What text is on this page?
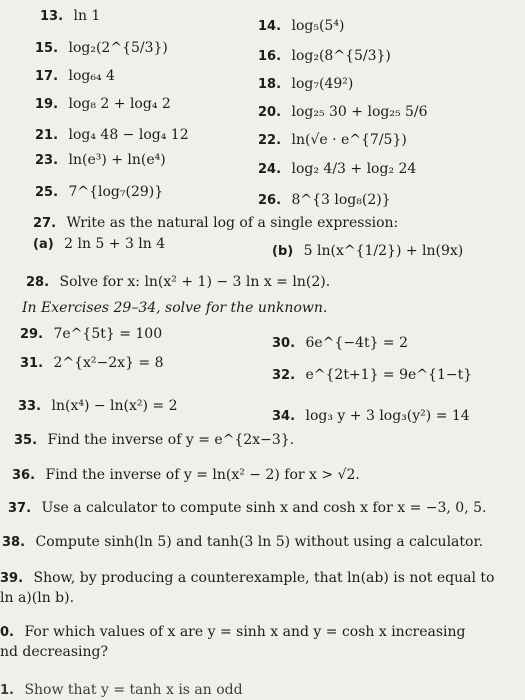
13. ln 1
14. log₅(5⁴)
15. log₂(2^{5/3})
16. log₂(8^{5/3})
17. log₆₄ 4
18. log₇(49²)
19. log₈ 2 + log₄ 2
20. log₂₅ 30 + log₂₅ 5/6
21. log₄ 48 − log₄ 12	22. ln(√e · e^{7/5})
23. ln(e³) + ln(e⁴)
24. log₂ 4/3 + log₂ 24
25. 7^{log₇(29)}
26. 8^{3 log₈(2)}
27. Write as the natural log of a single expression:
(a) 2 ln 5 + 3 ln 4	(b) 5 ln(x^{1/2}) + ln(9x)
28. Solve for x: ln(x² + 1) − 3 ln x = ln(2).
In Exercises 29–34, solve for the unknown.
29. 7e^{5t} = 100
30. 6e^{−4t} = 2
31. 2^{x²−2x} = 8
32. e^{2t+1} = 9e^{1−t}
33. ln(x⁴) − ln(x²) = 2
34. log₃ y + 3 log₃(y²) = 14
35. Find the inverse of y = e^{2x−3}.
36. Find the inverse of y = ln(x² − 2) for x > √2.
37. Use a calculator to compute sinh x and cosh x for x = −3, 0, 5.
38. Compute sinh(ln 5) and tanh(3 ln 5) without using a calculator.
39. Show, by producing a counterexample, that ln(ab) is not equal to
ln a)(ln b).
0. For which values of x are y = sinh x and y = cosh x increasing
nd decreasing?
1. Show that y = tanh x is an odd
